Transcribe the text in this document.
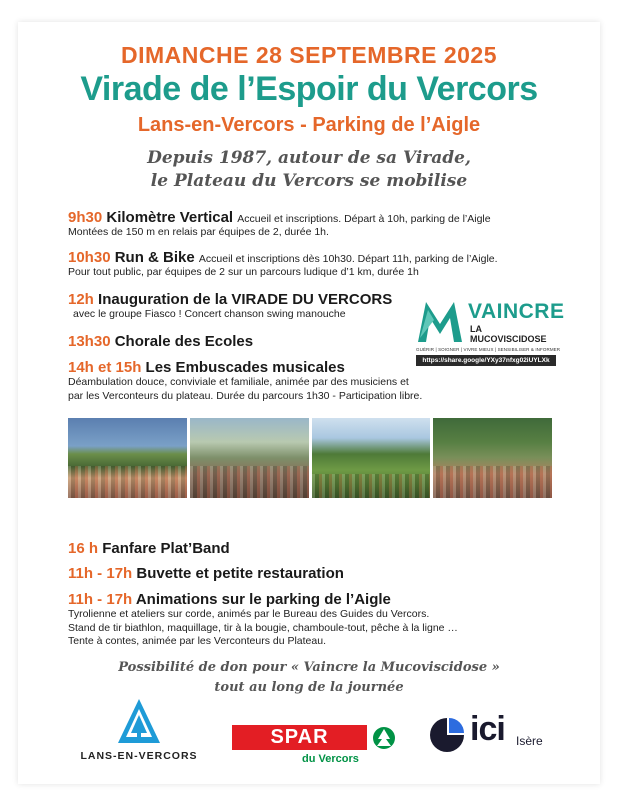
DIMANCHE 28 SEPTEMBRE 2025
Virade de l’Espoir du Vercors
Lans-en-Vercors - Parking de l’Aigle
Depuis 1987, autour de sa Virade,
le Plateau du Vercors se mobilise
9h30 Kilomètre Vertical Accueil et inscriptions. Départ à 10h, parking de l’Aigle
Montées de 150 m en relais par équipes de 2, durée 1h.
10h30 Run & Bike Accueil et inscriptions dès 10h30. Départ 11h, parking de l’Aigle.
Pour tout public, par équipes de 2 sur un parcours ludique d’1 km, durée 1h
12h Inauguration de la VIRADE DU VERCORS
avec le groupe Fiasco ! Concert chanson swing manouche
13h30 Chorale des Ecoles
14h et 15h Les Embuscades musicales
Déambulation douce, conviviale et familiale, animée par des musiciens et
par les Verconteurs du plateau. Durée du parcours 1h30 - Participation libre.
VAINCRE
LA MUCOVISCIDOSE
GUÉRIR | SOIGNER | VIVRE MIEUX | SENSIBILISER & INFORMER
https://share.google/YXy37nfxg02iUYLXk
16 h Fanfare Plat’Band
11h - 17h Buvette et petite restauration
11h - 17h Animations sur le parking de l’Aigle
Tyrolienne et ateliers sur corde, animés par le Bureau des Guides du Vercors.
Stand de tir biathlon, maquillage, tir à la bougie, chamboule-tout, pêche à la ligne …
Tente à contes, animée par les Verconteurs du Plateau.
Possibilité de don pour « Vaincre la Mucoviscidose »
tout au long de la journée
LANS-EN-VERCORS
SPAR
du Vercors
ici Isère
